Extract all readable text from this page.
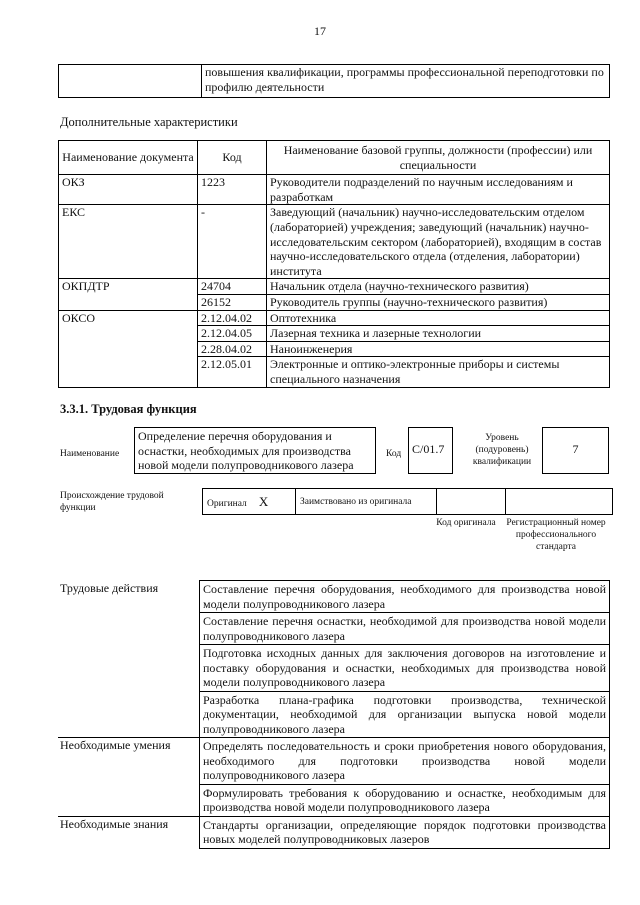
17
	повышения квалификации, программы профессиональной переподготовки по профилю деятельности
Дополнительные характеристики
Наименование документа	Код	Наименование базовой группы, должности (профессии) или специальности
ОКЗ	1223	Руководители подразделений по научным исследованиям и разработкам
ЕКС	-	Заведующий (начальник) научно-исследовательским отделом (лабораторией) учреждения; заведующий (начальник) научно-исследовательским сектором (лабораторией), входящим в состав научно-исследовательского отдела (отделения, лаборатории) института
ОКПДТР	24704	Начальник отдела (научно-технического развития)
	26152	Руководитель группы (научно-технического развития)
ОКСО	2.12.04.02	Оптотехника
	2.12.04.05	Лазерная техника и лазерные технологии
	2.28.04.02	Наноинженерия
	2.12.05.01	Электронные и оптико-электронные приборы и системы специального назначения
3.3.1. Трудовая функция
Наименование
Определение перечня оборудования и оснастки, необходимых для производства новой модели полупроводникового лазера
Код C/01.7
Уровень (подуровень) квалификации
7
Происхождение трудовой функции	Оригинал X	Заимствовано из оригинала		
Код оригинала Регистрационный номер профессионального стандарта
Трудовые действия	Составление перечня оборудования, необходимого для производства новой модели полупроводникового лазера
	Составление перечня оснастки, необходимой для производства новой модели полупроводникового лазера
	Подготовка исходных данных для заключения договоров на изготовление и поставку оборудования и оснастки, необходимых для производства новой модели полупроводникового лазера
	Разработка плана-графика подготовки производства, технической документации, необходимой для организации выпуска новой модели полупроводникового лазера
Необходимые умения	Определять последовательность и сроки приобретения нового оборудования, необходимого для подготовки производства новой модели полупроводникового лазера
	Формулировать требования к оборудованию и оснастке, необходимым для производства новой модели полупроводникового лазера
Необходимые знания	Стандарты организации, определяющие порядок подготовки производства новых моделей полупроводниковых лазеров
